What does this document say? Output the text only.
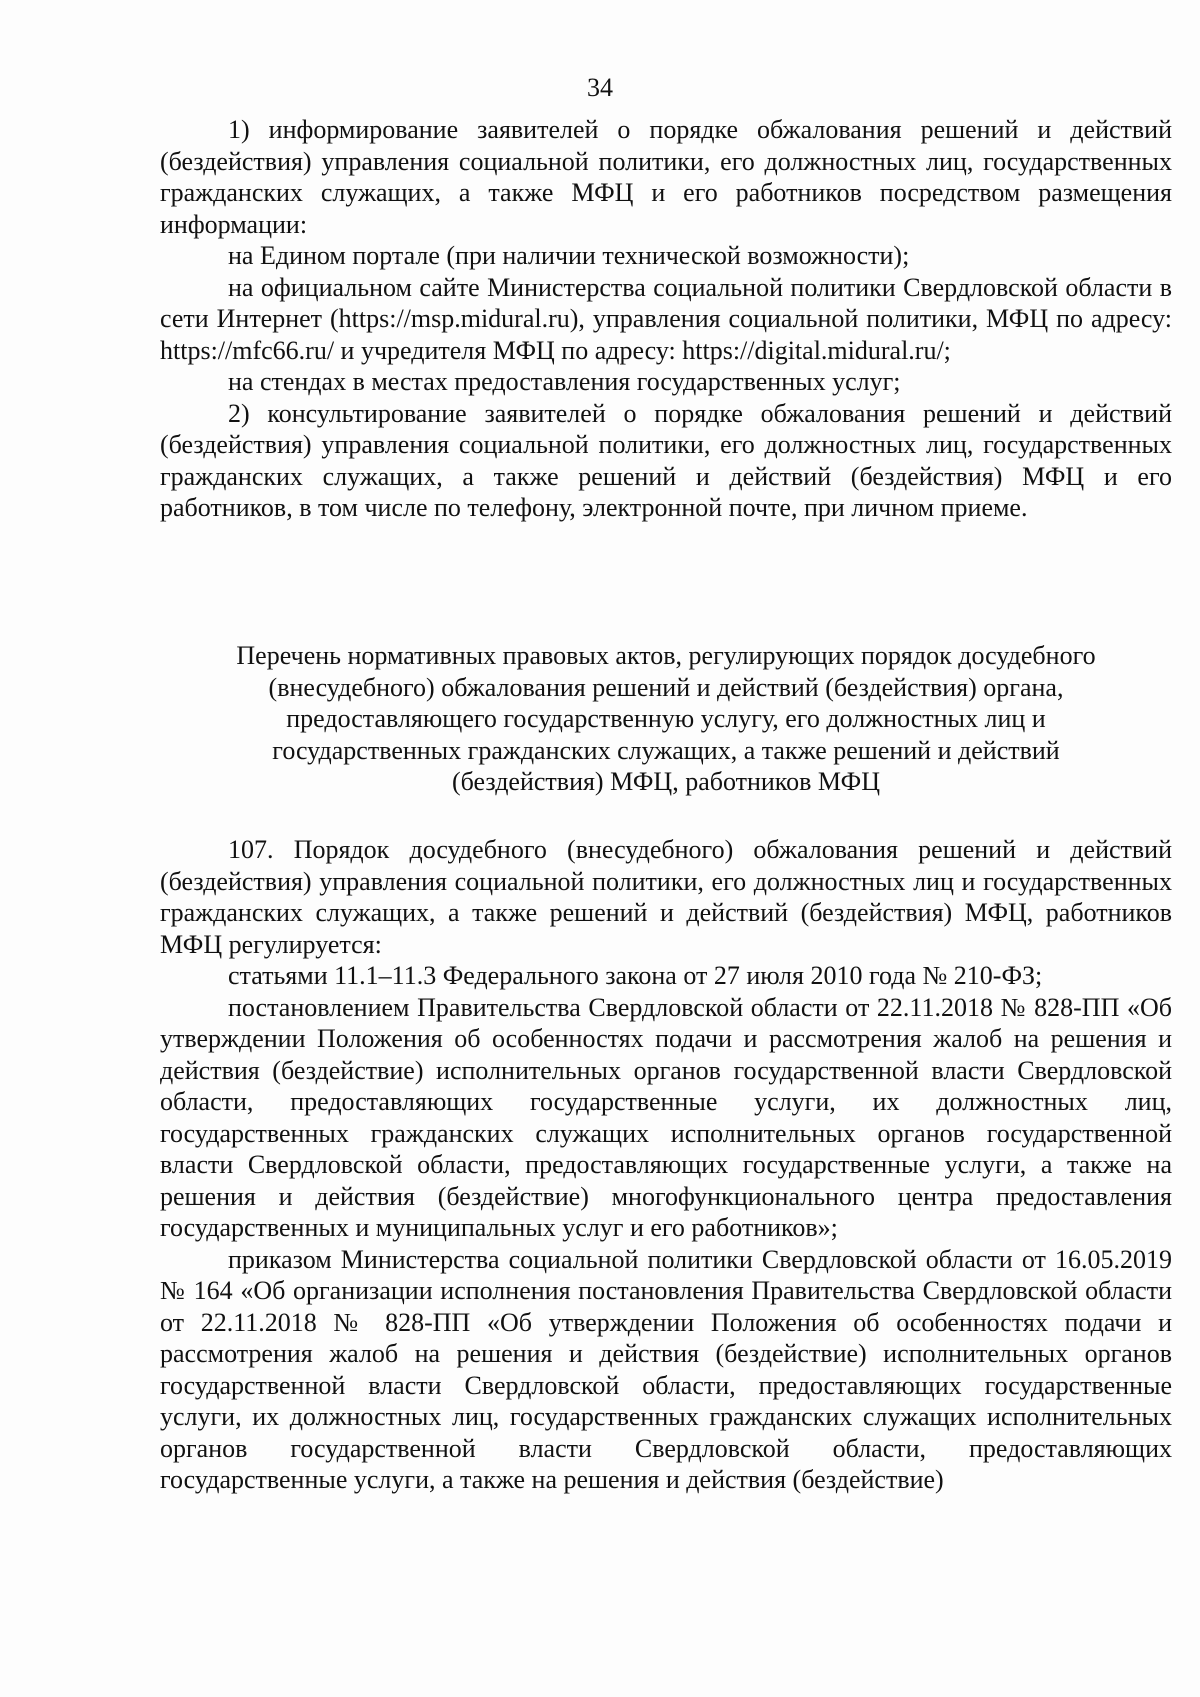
34

1) информирование заявителей о порядке обжалования решений и действий (бездействия) управления социальной политики, его должностных лиц, государственных гражданских служащих, а также МФЦ и его работников посредством размещения информации:

на Едином портале (при наличии технической возможности);

на официальном сайте Министерства социальной политики Свердловской области в сети Интернет (https://msp.midural.ru), управления социальной политики, МФЦ по адресу: https://mfc66.ru/ и учредителя МФЦ по адресу: https://digital.midural.ru/;

на стендах в местах предоставления государственных услуг;

2) консультирование заявителей о порядке обжалования решений и действий (бездействия) управления социальной политики, его должностных лиц, государственных гражданских служащих, а также решений и действий (бездействия) МФЦ и его работников, в том числе по телефону, электронной почте, при личном приеме.

Перечень нормативных правовых актов, регулирующих порядок досудебного
(внесудебного) обжалования решений и действий (бездействия) органа,
предоставляющего государственную услугу, его должностных лиц и
государственных гражданских служащих, а также решений и действий
(бездействия) МФЦ, работников МФЦ

107. Порядок досудебного (внесудебного) обжалования решений и действий (бездействия) управления социальной политики, его должностных лиц и государственных гражданских служащих, а также решений и действий (бездействия) МФЦ, работников МФЦ регулируется:

статьями 11.1–11.3 Федерального закона от 27 июля 2010 года № 210-ФЗ;

постановлением Правительства Свердловской области от 22.11.2018 № 828-ПП «Об утверждении Положения об особенностях подачи и рассмотрения жалоб на решения и действия (бездействие) исполнительных органов государственной власти Свердловской области, предоставляющих государственные услуги, их должностных лиц, государственных гражданских служащих исполнительных органов государственной власти Свердловской области, предоставляющих государственные услуги, а также на решения и действия (бездействие) многофункционального центра предоставления государственных и муниципальных услуг и его работников»;

приказом Министерства социальной политики Свердловской области от 16.05.2019 № 164 «Об организации исполнения постановления Правительства Свердловской области от 22.11.2018 № 828-ПП «Об утверждении Положения об особенностях подачи и рассмотрения жалоб на решения и действия (бездействие) исполнительных органов государственной власти Свердловской области, предоставляющих государственные услуги, их должностных лиц, государственных гражданских служащих исполнительных органов государственной власти Свердловской области, предоставляющих государственные услуги, а также на решения и действия (бездействие)
